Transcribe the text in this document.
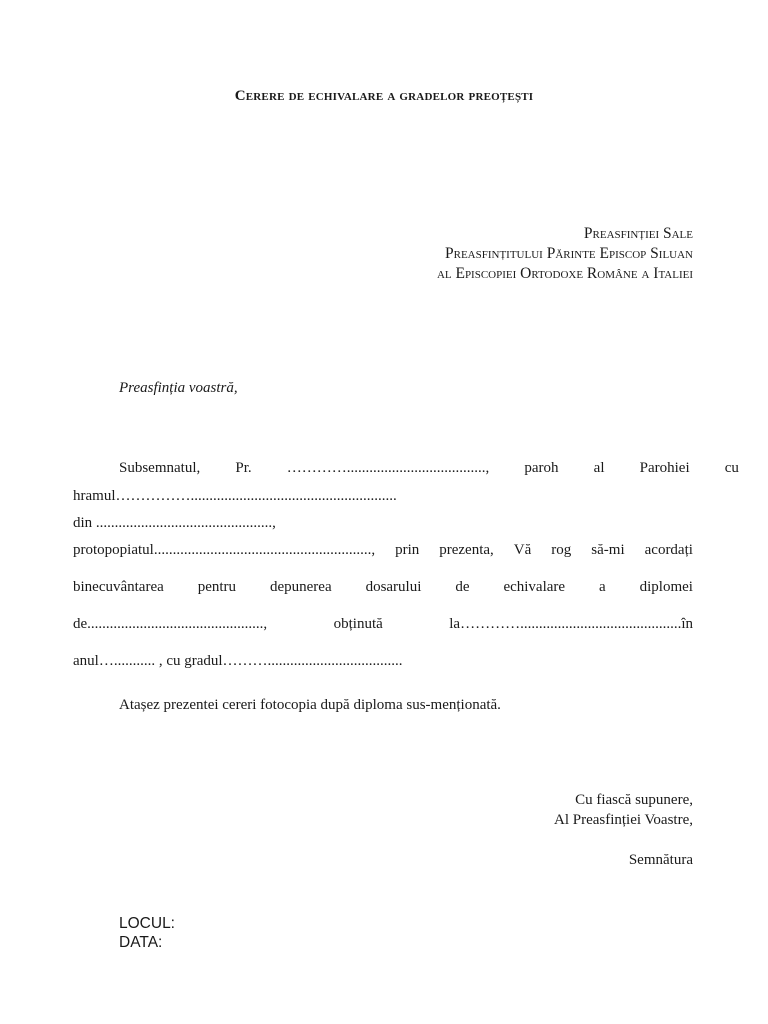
Cerere de echivalare a gradelor preoțești
Preasfinției Sale
Preasfințitului Părinte Episcop Siluan
al Episcopiei Ortodoxe Române a Italiei
Preasfinția voastră,
Subsemnatul, Pr. …………....................................., paroh al Parohiei cu
hramul…………….......................................................
din ...............................................,
protopopiatul.........................................................., prin prezenta, Vă rog să-mi acordați
binecuvântarea pentru depunerea dosarului de echivalare a diplomei
de...............................................,	obținută	la…………...........................................în
anul…........... , cu gradul………....................................
Atașez prezentei cereri fotocopia după diploma sus-menționată.
Cu fiască supunere,
Al Preasfinției Voastre,
Semnătura
LOCUL:
DATA:
